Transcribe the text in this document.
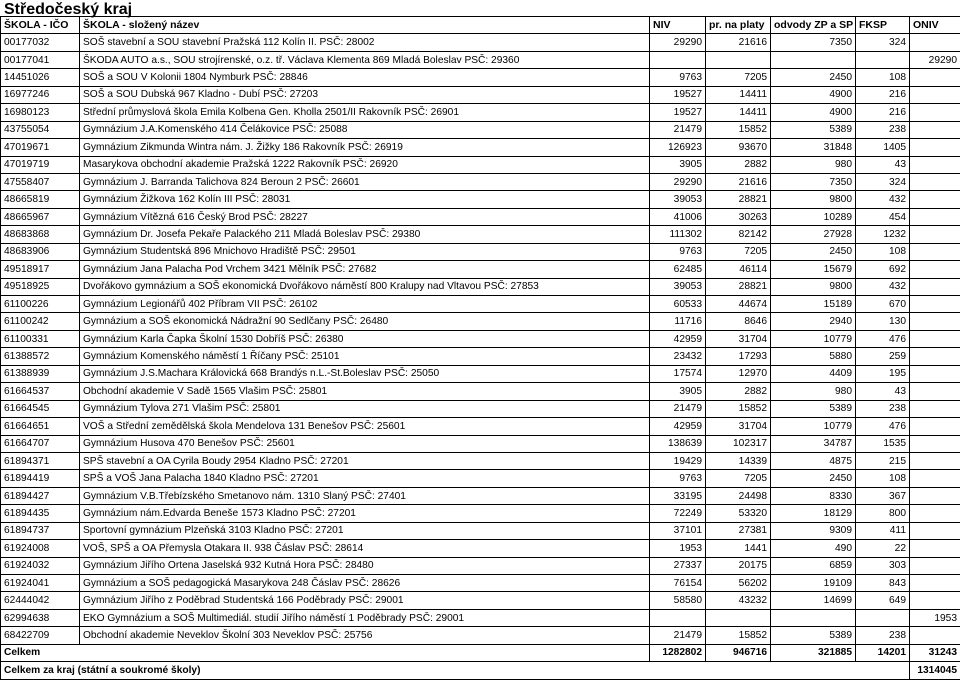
Středočeský kraj
ŠKOLA - IČO	ŠKOLA - složený název	NIV	pr. na platy	odvody ZP a SP	FKSP	ONIV
00177032	SOŠ stavební a SOU stavební Pražská 112 Kolín II. PSČ: 28002	29290	21616	7350	324	
00177041	ŠKODA AUTO a.s., SOU strojírenské, o.z. tř. Václava Klementa 869 Mladá Boleslav PSČ: 29360					29290
14451026	SOŠ a SOU V Kolonii 1804 Nymburk PSČ: 28846	9763	7205	2450	108	
16977246	SOŠ a SOU Dubská 967 Kladno - Dubí PSČ: 27203	19527	14411	4900	216	
16980123	Střední průmyslová škola Emila Kolbena Gen. Kholla 2501/II Rakovník PSČ: 26901	19527	14411	4900	216	
43755054	Gymnázium J.A.Komenského 414 Čelákovice PSČ: 25088	21479	15852	5389	238	
47019671	Gymnázium Zikmunda Wintra nám. J. Žižky 186 Rakovník PSČ: 26919	126923	93670	31848	1405	
47019719	Masarykova obchodní akademie Pražská 1222 Rakovník PSČ: 26920	3905	2882	980	43	
47558407	Gymnázium J. Barranda Talichova 824 Beroun 2 PSČ: 26601	29290	21616	7350	324	
48665819	Gymnázium Žižkova 162 Kolín III PSČ: 28031	39053	28821	9800	432	
48665967	Gymnázium Vítězná 616 Český Brod PSČ: 28227	41006	30263	10289	454	
48683868	Gymnázium Dr. Josefa Pekaře Palackého 211 Mladá Boleslav PSČ: 29380	111302	82142	27928	1232	
48683906	Gymnázium Studentská 896 Mnichovo Hradiště PSČ: 29501	9763	7205	2450	108	
49518917	Gymnázium Jana Palacha Pod Vrchem 3421 Mělník PSČ: 27682	62485	46114	15679	692	
49518925	Dvořákovo gymnázium a SOŠ ekonomická Dvořákovo náměstí 800 Kralupy nad Vltavou PSČ: 27853	39053	28821	9800	432	
61100226	Gymnázium Legionářů 402 Příbram VII PSČ: 26102	60533	44674	15189	670	
61100242	Gymnázium a SOŠ ekonomická Nádražní 90 Sedlčany PSČ: 26480	11716	8646	2940	130	
61100331	Gymnázium Karla Čapka Školní 1530 Dobříš PSČ: 26380	42959	31704	10779	476	
61388572	Gymnázium Komenského náměstí 1 Říčany PSČ: 25101	23432	17293	5880	259	
61388939	Gymnázium J.S.Machara Královická 668 Brandýs n.L.-St.Boleslav PSČ: 25050	17574	12970	4409	195	
61664537	Obchodní akademie V Sadě 1565 Vlašim PSČ: 25801	3905	2882	980	43	
61664545	Gymnázium Tylova 271 Vlašim PSČ: 25801	21479	15852	5389	238	
61664651	VOŠ a Střední zemědělská škola Mendelova 131 Benešov PSČ: 25601	42959	31704	10779	476	
61664707	Gymnázium Husova 470 Benešov PSČ: 25601	138639	102317	34787	1535	
61894371	SPŠ stavební a OA Cyrila Boudy 2954 Kladno PSČ: 27201	19429	14339	4875	215	
61894419	SPŠ a VOŠ Jana Palacha 1840 Kladno PSČ: 27201	9763	7205	2450	108	
61894427	Gymnázium V.B.Třebízského Smetanovo nám. 1310 Slaný PSČ: 27401	33195	24498	8330	367	
61894435	Gymnázium nám.Edvarda Beneše 1573 Kladno PSČ: 27201	72249	53320	18129	800	
61894737	Sportovní gymnázium Plzeňská 3103 Kladno PSČ: 27201	37101	27381	9309	411	
61924008	VOŠ, SPŠ a OA Přemysla Otakara II. 938 Čáslav PSČ: 28614	1953	1441	490	22	
61924032	Gymnázium Jiřího Ortena Jaselská 932 Kutná Hora PSČ: 28480	27337	20175	6859	303	
61924041	Gymnázium a SOŠ pedagogická Masarykova 248 Čáslav PSČ: 28626	76154	56202	19109	843	
62444042	Gymnázium Jiřího z Poděbrad Studentská 166 Poděbrady PSČ: 29001	58580	43232	14699	649	
62994638	EKO Gymnázium a SOŠ Multimediál. studií Jiřího náměstí 1 Poděbrady PSČ: 29001					1953
68422709	Obchodní akademie Neveklov Školní 303 Neveklov PSČ: 25756	21479	15852	5389	238	
Celkem		1282802	946716	321885	14201	31243
Celkem za kraj (státní a soukromé školy)						1314045
